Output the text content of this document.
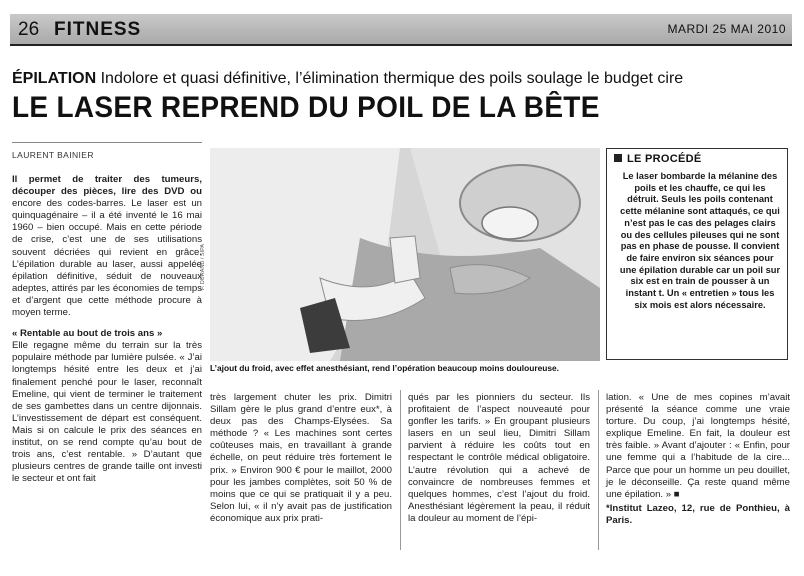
26 FITNESS	MARDI 25 MAI 2010
ÉPILATION Indolore et quasi définitive, l’élimination thermique des poils soulage le budget cire
LE LASER REPREND DU POIL DE LA BÊTE
LAURENT BAINIER

Il permet de traiter des tumeurs, découper des pièces, lire des DVD ou encore des codes-barres. Le laser est un quinquagénaire – il a été inventé le 16 mai 1960 – bien occupé. Mais en cette période de crise, c’est une de ses utilisations souvent décriées qui revient en grâce. L’épilation durable au laser, aussi appelée épilation définitive, séduit de nouveaux adeptes, attirés par les économies de temps et d’argent que cette méthode procure à moyen terme.

« Rentable au bout de trois ans »

Elle regagne même du terrain sur la très populaire méthode par lumière pulsée. « J’ai longtemps hésité entre les deux et j’ai finalement penché pour le laser, reconnaît Emeline, qui vient de terminer le traitement de ses gambettes dans un centre dijonnais. L’investissement de départ est conséquent. Mais si on calcule le prix des séances en institut, on se rend compte qu’au bout de trois ans, c’est rentable. » D’autant que plusieurs centres de grande taille ont investi le secteur et ont fait

F. DURAND / SIPA
L’ajout du froid, avec effet anesthésiant, rend l’opération beaucoup moins douloureuse.
LE PROCÉDÉ
Le laser bombarde la mélanine des poils et les chauffe, ce qui les détruit. Seuls les poils contenant cette mélanine sont attaqués, ce qui n’est pas le cas des pelages clairs ou des cellules pileuses qui ne sont pas en phase de pousse. Il convient de faire environ six séances pour une épilation durable car un poil sur six est en train de pousser à un instant t. Un « entretien » tous les six mois est alors nécessaire.

très largement chuter les prix. Dimitri Sillam gère le plus grand d’entre eux*, à deux pas des Champs-Elysées. Sa méthode ? « Les machines sont certes coûteuses mais, en travaillant à grande échelle, on peut réduire très fortement le prix. » Environ 900 € pour le maillot, 2000 pour les jambes complètes, soit 50 % de moins que ce qui se pratiquait il y a peu. Selon lui, « il n’y avait pas de justification économique aux prix prati-

qués par les pionniers du secteur. Ils profitaient de l’aspect nouveauté pour gonfler les tarifs. » En groupant plusieurs lasers en un seul lieu, Dimitri Sillam parvient à réduire les coûts tout en respectant le contrôle médical obligatoire. L’autre révolution qui a achevé de convaincre de nombreuses femmes et quelques hommes, c’est l’ajout du froid. Anesthésiant légèrement la peau, il réduit la douleur au moment de l’épi-

lation. « Une de mes copines m’avait présenté la séance comme une vraie torture. Du coup, j’ai longtemps hésité, explique Emeline. En fait, la douleur est très faible. » Avant d’ajouter : « Enfin, pour une femme qui a l’habitude de la cire... Parce que pour un homme un peu douillet, je le déconseille. Ça reste quand même une épilation. » ■

*Institut Lazeo, 12, rue de Ponthieu, à Paris.
